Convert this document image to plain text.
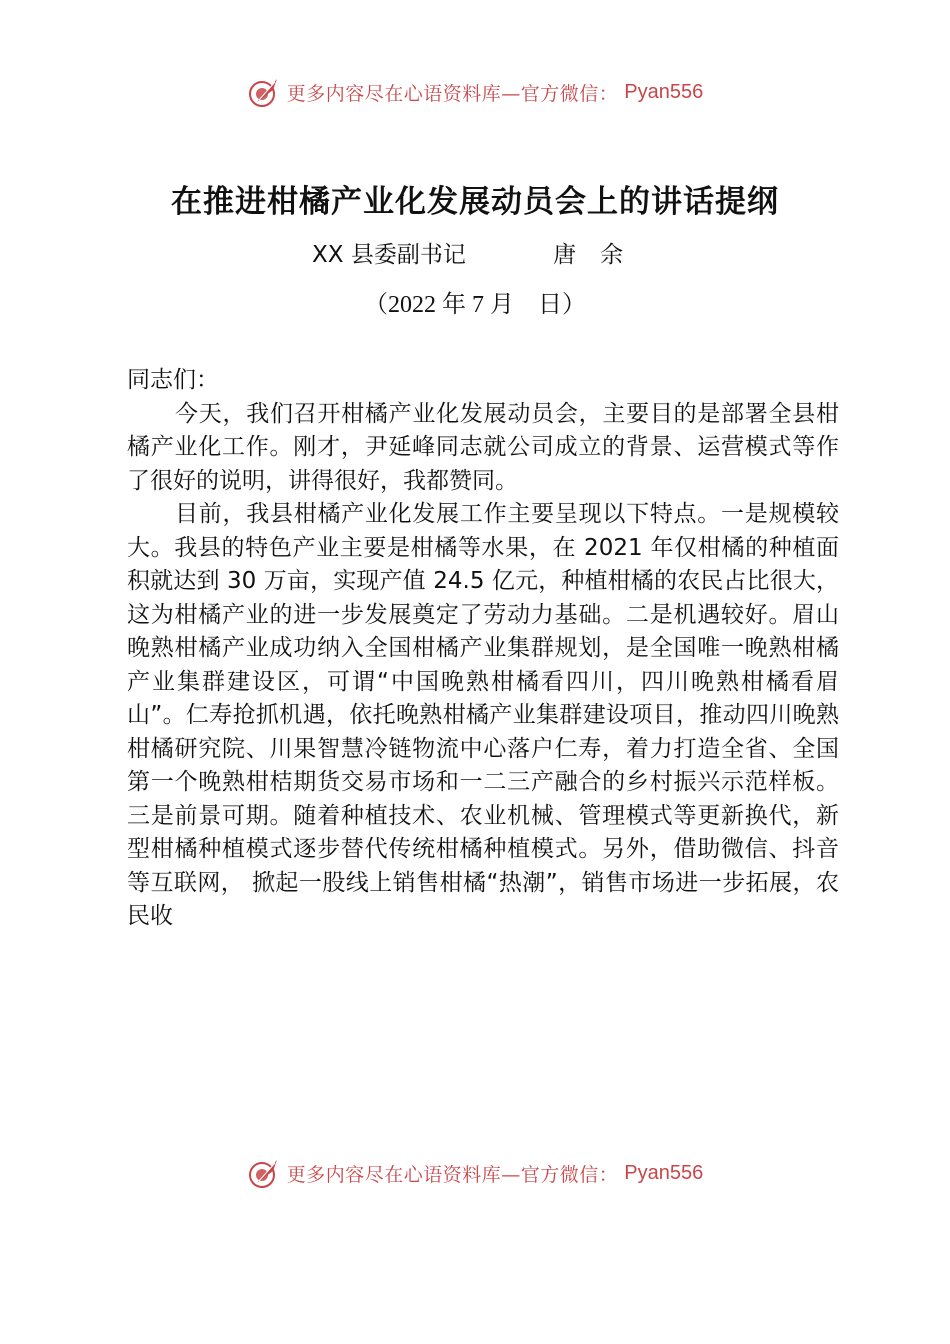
更多内容尽在心语资料库—官方微信： Pyan556
在推进柑橘产业化发展动员会上的讲话提纲
XX 县委副书记	唐余
（2022 年 7 月    日）

同志们：

今天，我们召开柑橘产业化发展动员会，主要目的是部署全县柑橘产业化工作。刚才，尹延峰同志就公司成立的背景、运营模式等作了很好的说明，讲得很好，我都赞同。

目前，我县柑橘产业化发展工作主要呈现以下特点。一是规模较大。我县的特色产业主要是柑橘等水果，在 2021 年仅柑橘的种植面积就达到 30 万亩，实现产值 24.5 亿元，种植柑橘的农民占比很大，这为柑橘产业的进一步发展奠定了劳动力基础。二是机遇较好。眉山晚熟柑橘产业成功纳入全国柑橘产业集群规划，是全国唯一晚熟柑橘产业集群建设区，可谓“中国晚熟柑橘看四川，四川晚熟柑橘看眉山”。仁寿抢抓机遇，依托晚熟柑橘产业集群建设项目，推动四川晚熟柑橘研究院、川果智慧冷链物流中心落户仁寿，着力打造全省、全国第一个晚熟柑桔期货交易市场和一二三产融合的乡村振兴示范样板。三是前景可期。随着种植技术、农业机械、管理模式等更新换代，新型柑橘种植模式逐步替代传统柑橘种植模式。另外，借助微信、抖音等互联网， 掀起一股线上销售柑橘“热潮”，销售市场进一步拓展，农民收

更多内容尽在心语资料库—官方微信： Pyan556
